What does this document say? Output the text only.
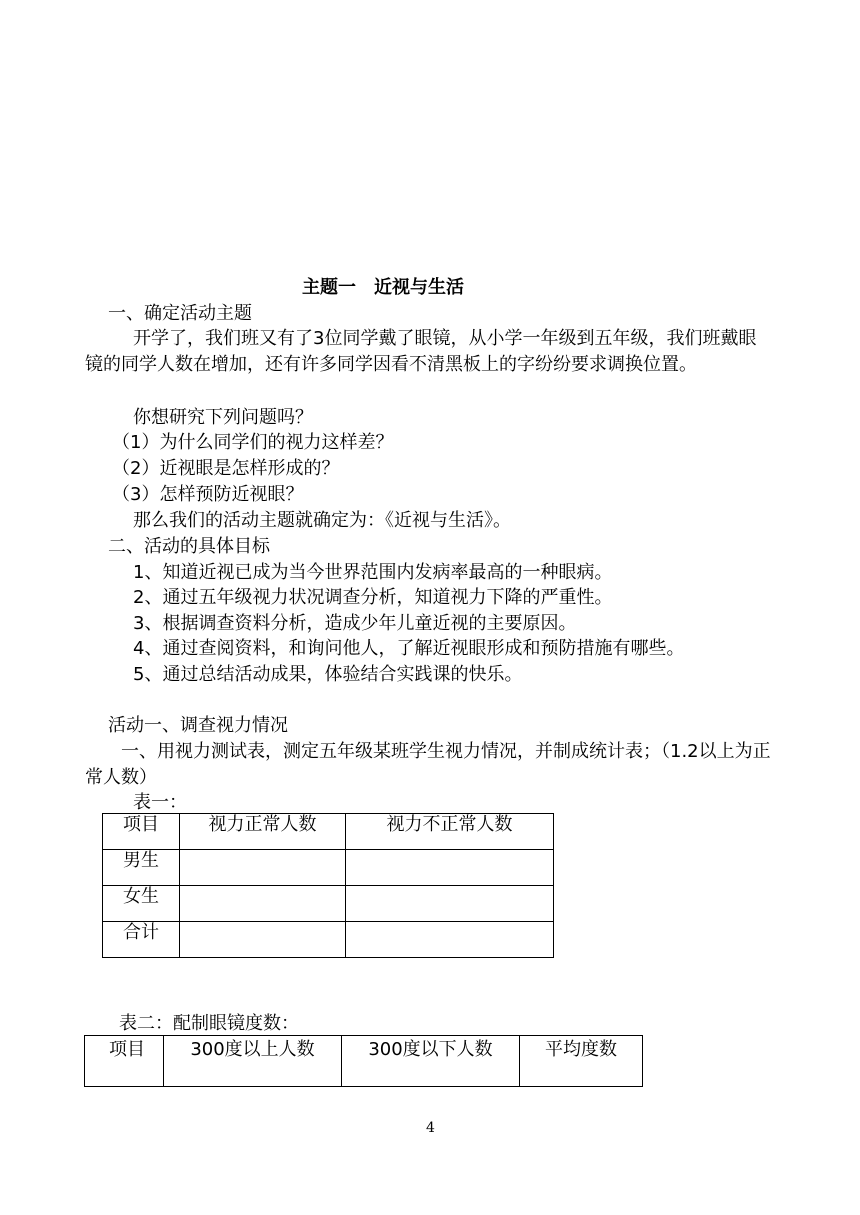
主题一　近视与生活
一、确定活动主题
开学了，我们班又有了3位同学戴了眼镜，从小学一年级到五年级，我们班戴眼镜的同学人数在增加，还有许多同学因看不清黑板上的字纷纷要求调换位置。
你想研究下列问题吗？
（1）为什么同学们的视力这样差？
（2）近视眼是怎样形成的？
（3）怎样预防近视眼？
那么我们的活动主题就确定为：《近视与生活》。
二、活动的具体目标
1、知道近视已成为当今世界范围内发病率最高的一种眼病。
2、通过五年级视力状况调查分析，知道视力下降的严重性。
3、根据调查资料分析，造成少年儿童近视的主要原因。
4、通过查阅资料，和询问他人，了解近视眼形成和预防措施有哪些。
5、通过总结活动成果，体验结合实践课的快乐。
活动一、调查视力情况
一、用视力测试表，测定五年级某班学生视力情况，并制成统计表；（1.2以上为正常人数）
表一：
项目	视力正常人数	视力不正常人数
男生		
女生		
合计		
表二：配制眼镜度数：
项目	300度以上人数	300度以下人数	平均度数
4
